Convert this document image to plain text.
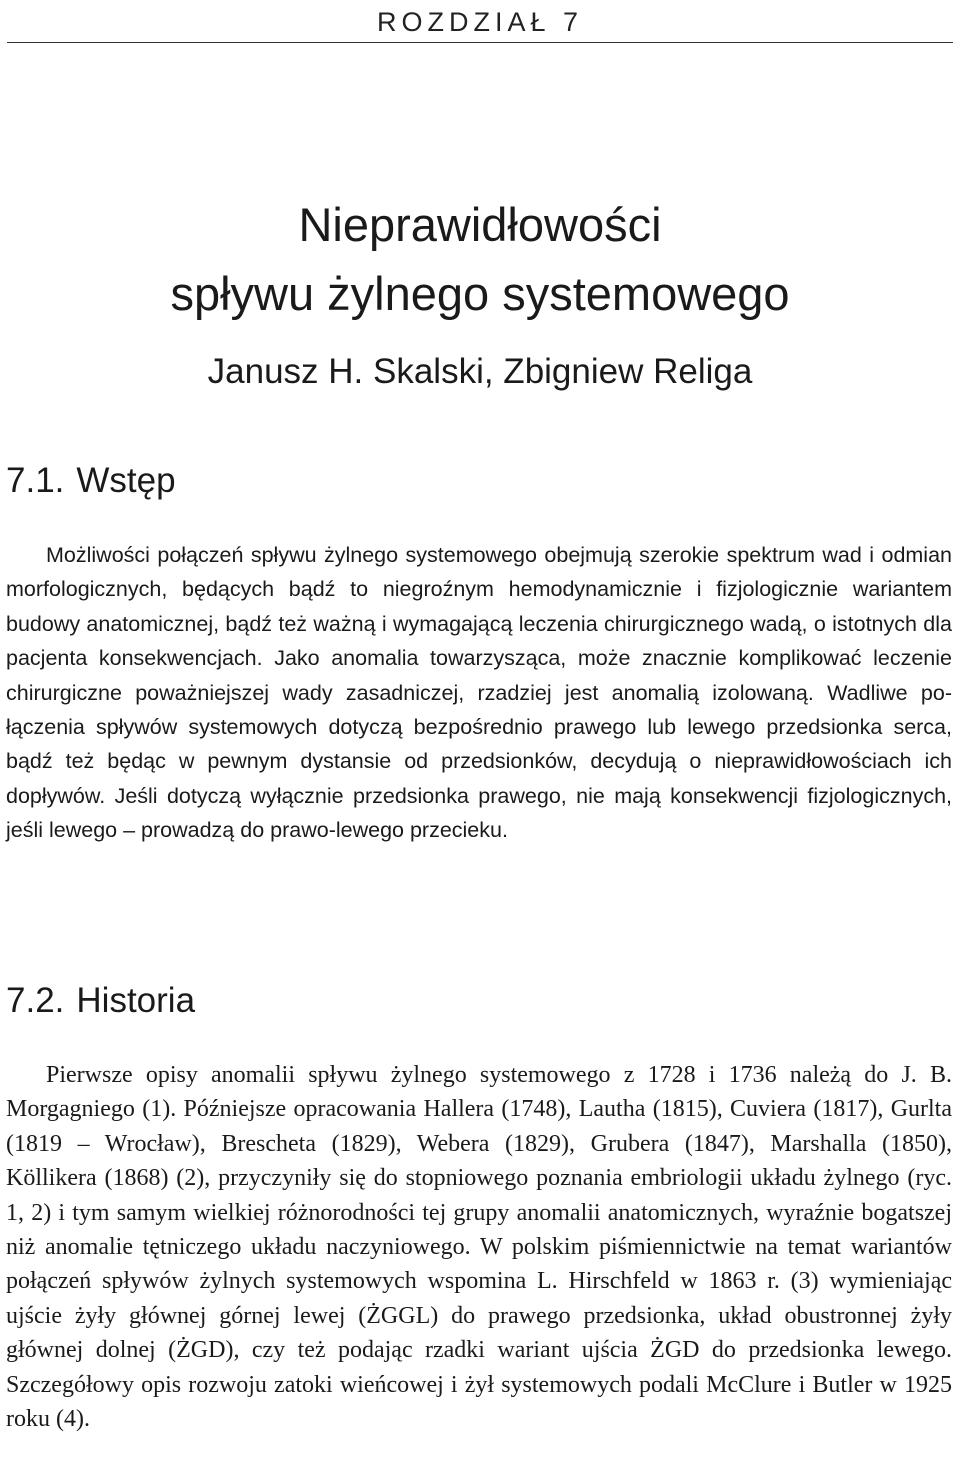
ROZDZIAŁ 7
Nieprawidłowości
spływu żylnego systemowego
Janusz H. Skalski, Zbigniew Religa
7.1. Wstęp

Możliwości połączeń spływu żylnego systemowego obejmują szerokie spektrum wad i odmian morfologicznych, będących bądź to niegroźnym hemodynamicznie i fizjologicznie wariantem budowy anatomicznej, bądź też ważną i wymagającą leczenia chirurgicznego wadą, o istotnych dla pacjenta konsekwencjach. Jako anomalia towarzysząca, może znacznie komplikować leczenie chirurgiczne poważniejszej wady zasadniczej, rzadziej jest anomalią izolowaną. Wadliwe połączenia spływów systemowych dotyczą bezpośrednio prawego lub lewego przedsionka serca, bądź też będąc w pewnym dystansie od przedsionków, decydują o nieprawidłowościach ich dopływów. Jeśli dotyczą wyłącznie przedsionka prawego, nie mają konsekwencji fizjologicznych, jeśli lewego – prowadzą do prawo-lewego przecieku.

7.2. Historia

Pierwsze opisy anomalii spływu żylnego systemowego z 1728 i 1736 należą do J. B. Morgagniego (1). Późniejsze opracowania Hallera (1748), Lautha (1815), Cuviera (1817), Gurlta (1819 – Wrocław), Brescheta (1829), Webera (1829), Grubera (1847), Marshalla (1850), Köllikera (1868) (2), przyczyniły się do stopniowego poznania embriologii układu żylnego (ryc. 1, 2) i tym samym wielkiej różnorodności tej grupy anomalii anatomicznych, wyraźnie bogatszej niż anomalie tętniczego układu naczyniowego. W polskim piśmiennictwie na temat wariantów połączeń spływów żylnych systemowych wspomina L. Hirschfeld w 1863 r. (3) wymieniając ujście żyły głównej górnej lewej (ŻGGL) do prawego przedsionka, układ obustronnej żyły głównej dolnej (ŻGD), czy też podając rzadki wariant ujścia ŻGD do przedsionka lewego. Szczegółowy opis rozwoju zatoki wieńcowej i żył systemowych podali McClure i Butler w 1925 roku (4).
